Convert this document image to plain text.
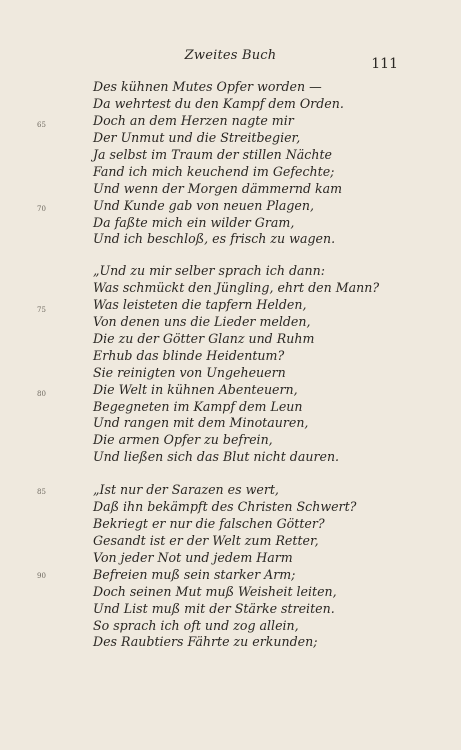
Zweites Buch
111
Des kühnen Mutes Opfer worden —
Da wehrtest du den Kampf dem Orden.
Doch an dem Herzen nagte mir
Der Unmut und die Streitbegier,
Ja selbst im Traum der stillen Nächte
Fand ich mich keuchend im Gefechte;
Und wenn der Morgen dämmernd kam
Und Kunde gab von neuen Plagen,
Da faßte mich ein wilder Gram,
Und ich beschloß, es frisch zu wagen.
„Und zu mir selber sprach ich dann:
Was schmückt den Jüngling, ehrt den Mann?
Was leisteten die tapfern Helden,
Von denen uns die Lieder melden,
Die zu der Götter Glanz und Ruhm
Erhub das blinde Heidentum?
Sie reinigten von Ungeheuern
Die Welt in kühnen Abenteuern,
Begegneten im Kampf dem Leun
Und rangen mit dem Minotauren,
Die armen Opfer zu befrein,
Und ließen sich das Blut nicht dauren.
„Ist nur der Sarazen es wert,
Daß ihn bekämpft des Christen Schwert?
Bekriegt er nur die falschen Götter?
Gesandt ist er der Welt zum Retter,
Von jeder Not und jedem Harm
Befreien muß sein starker Arm;
Doch seinen Mut muß Weisheit leiten,
Und List muß mit der Stärke streiten.
So sprach ich oft und zog allein,
Des Raubtiers Fährte zu erkunden;
65
70
75
80
85
90
